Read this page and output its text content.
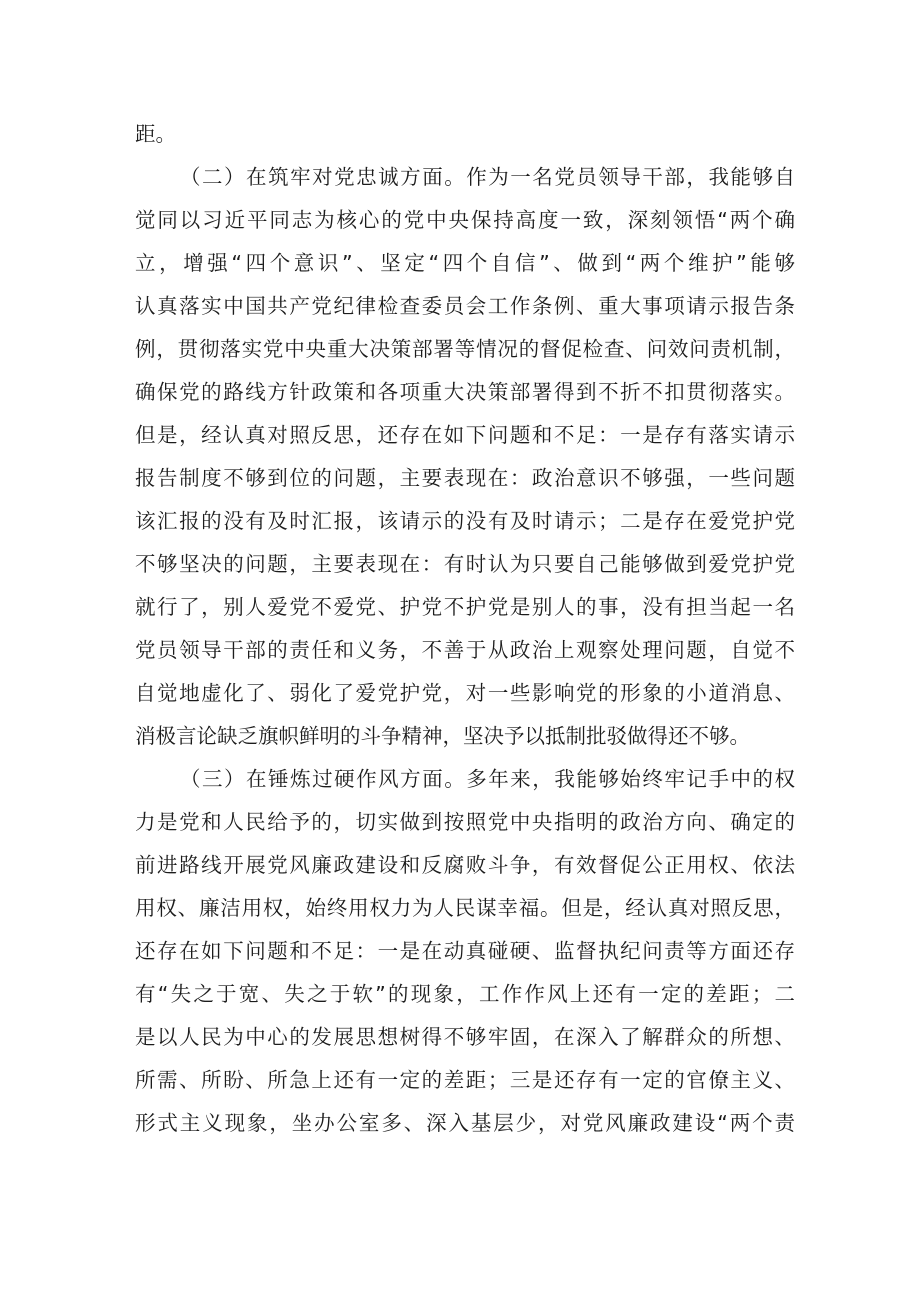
距。
（二）在筑牢对党忠诚方面。作为一名党员领导干部，我能够自
觉同以习近平同志为核心的党中央保持高度一致，深刻领悟“两个确
立，增强“四个意识”、坚定“四个自信”、做到“两个维护”能够
认真落实中国共产党纪律检查委员会工作条例、重大事项请示报告条
例，贯彻落实党中央重大决策部署等情况的督促检查、问效问责机制，
确保党的路线方针政策和各项重大决策部署得到不折不扣贯彻落实。
但是，经认真对照反思，还存在如下问题和不足：一是存有落实请示
报告制度不够到位的问题，主要表现在：政治意识不够强，一些问题
该汇报的没有及时汇报，该请示的没有及时请示；二是存在爱党护党
不够坚决的问题，主要表现在：有时认为只要自己能够做到爱党护党
就行了，别人爱党不爱党、护党不护党是别人的事，没有担当起一名
党员领导干部的责任和义务，不善于从政治上观察处理问题，自觉不
自觉地虚化了、弱化了爱党护党，对一些影响党的形象的小道消息、
消极言论缺乏旗帜鲜明的斗争精神，坚决予以抵制批驳做得还不够。
（三）在锤炼过硬作风方面。多年来，我能够始终牢记手中的权
力是党和人民给予的，切实做到按照党中央指明的政治方向、确定的
前进路线开展党风廉政建设和反腐败斗争，有效督促公正用权、依法
用权、廉洁用权，始终用权力为人民谋幸福。但是，经认真对照反思，
还存在如下问题和不足：一是在动真碰硬、监督执纪问责等方面还存
有“失之于宽、失之于软”的现象，工作作风上还有一定的差距；二
是以人民为中心的发展思想树得不够牢固，在深入了解群众的所想、
所需、所盼、所急上还有一定的差距；三是还存有一定的官僚主义、
形式主义现象，坐办公室多、深入基层少，对党风廉政建设“两个责
